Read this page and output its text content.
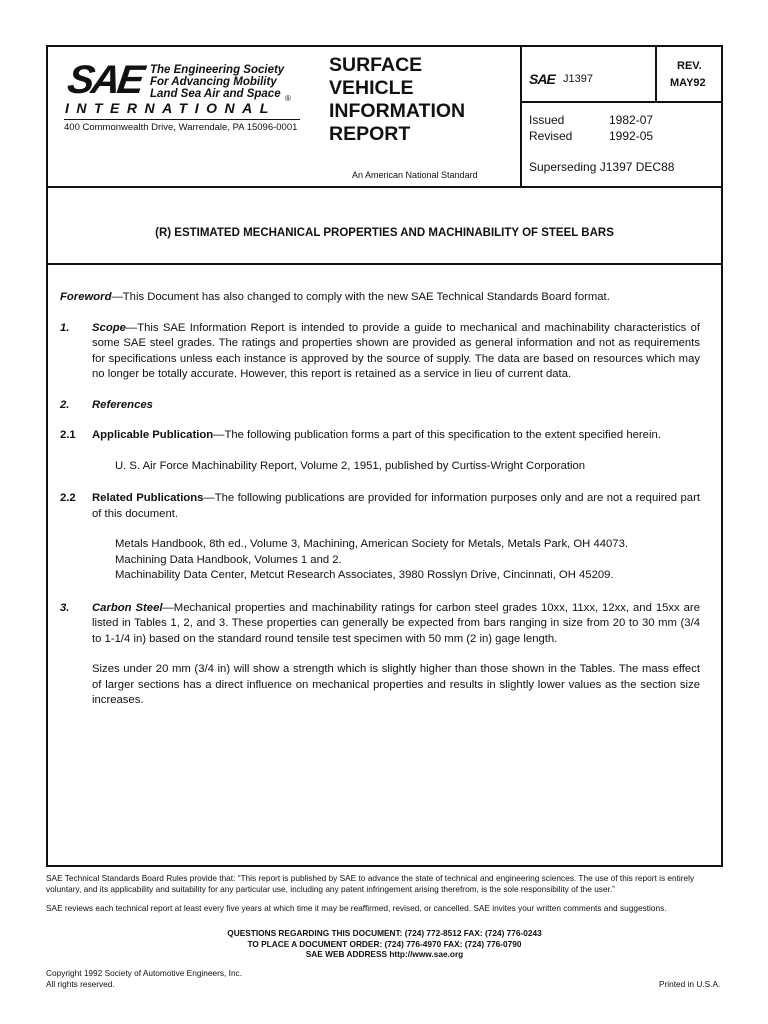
SAE The Engineering Society
For Advancing Mobility
Land Sea Air and Space ®
INTERNATIONAL
400 Commonwealth Drive, Warrendale, PA 15096-0001
SURFACE
VEHICLE
INFORMATION
REPORT
An American National Standard
SAE J1397
REV.
MAY92
Issued	1982-07
Revised	1992-05
Superseding J1397 DEC88
(R) ESTIMATED MECHANICAL PROPERTIES AND MACHINABILITY OF STEEL BARS

Foreword—This Document has also changed to comply with the new SAE Technical Standards Board format.

1. Scope—This SAE Information Report is intended to provide a guide to mechanical and machinability characteristics of some SAE steel grades. The ratings and properties shown are provided as general information and not as requirements for specifications unless each instance is approved by the source of supply. The data are based on resources which may no longer be totally accurate. However, this report is retained as a service in lieu of current data.

2. References

2.1 Applicable Publication—The following publication forms a part of this specification to the extent specified herein.

U. S. Air Force Machinability Report, Volume 2, 1951, published by Curtiss-Wright Corporation

2.2 Related Publications—The following publications are provided for information purposes only and are not a required part of this document.

Metals Handbook, 8th ed., Volume 3, Machining, American Society for Metals, Metals Park, OH 44073.

Machining Data Handbook, Volumes 1 and 2.

Machinability Data Center, Metcut Research Associates, 3980 Rosslyn Drive, Cincinnati, OH 45209.

3. Carbon Steel—Mechanical properties and machinability ratings for carbon steel grades 10xx, 11xx, 12xx, and 15xx are listed in Tables 1, 2, and 3. These properties can generally be expected from bars ranging in size from 20 to 30 mm (3/4 to 1-1/4 in) based on the standard round tensile test specimen with 50 mm (2 in) gage length.

Sizes under 20 mm (3/4 in) will show a strength which is slightly higher than those shown in the Tables. The mass effect of larger sections has a direct influence on mechanical properties and results in slightly lower values as the section size increases.

SAE Technical Standards Board Rules provide that: “This report is published by SAE to advance the state of technical and engineering sciences. The use of this report is entirely voluntary, and its applicability and suitability for any particular use, including any patent infringement arising therefrom, is the sole responsibility of the user.”

SAE reviews each technical report at least every five years at which time it may be reaffirmed, revised, or cancelled. SAE invites your written comments and suggestions.

QUESTIONS REGARDING THIS DOCUMENT: (724) 772-8512 FAX: (724) 776-0243
TO PLACE A DOCUMENT ORDER: (724) 776-4970 FAX: (724) 776-0790
SAE WEB ADDRESS http://www.sae.org
Copyright 1992 Society of Automotive Engineers, Inc.
All rights reserved.	Printed in U.S.A.
